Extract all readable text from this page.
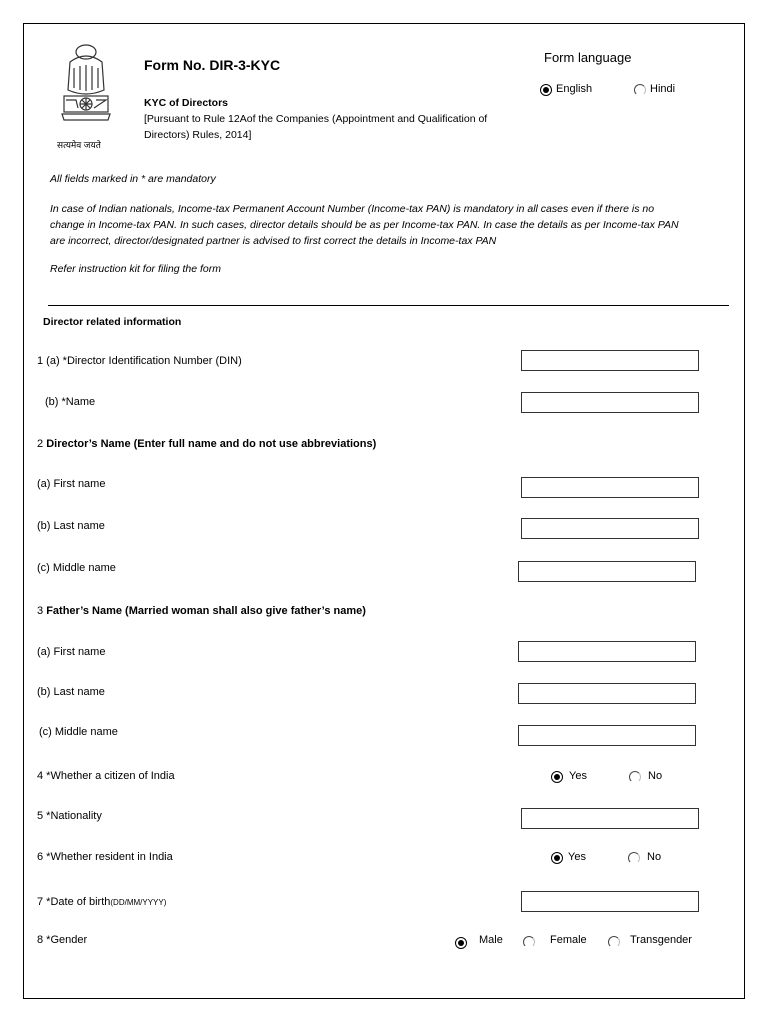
सत्यमेव जयते
Form No. DIR-3-KYC
KYC of Directors
[Pursuant to Rule 12Aof the Companies (Appointment and Qualification of
Directors) Rules, 2014]
Form language
English	Hindi
All fields marked in * are mandatory
In case of Indian nationals, Income-tax Permanent Account Number (Income-tax PAN) is mandatory in all cases even if there is no
change in Income-tax PAN. In such cases, director details should be as per Income-tax PAN. In case the details as per Income-tax PAN
are incorrect, director/designated partner is advised to first correct the details in Income-tax PAN
Refer instruction kit for filing the form
Director related information
1 (a) *Director Identification Number (DIN)
(b) *Name
2 Director’s Name (Enter full name and do not use abbreviations)
(a) First name
(b) Last name
(c) Middle name
3 Father’s Name (Married woman shall also give father’s name)
(a) First name
(b) Last name
(c) Middle name
4 *Whether a citizen of India	Yes	No
5 *Nationality
6 *Whether resident in India	Yes	No
7 *Date of birth(DD/MM/YYYY)
8 *Gender	Male	Female	Transgender
